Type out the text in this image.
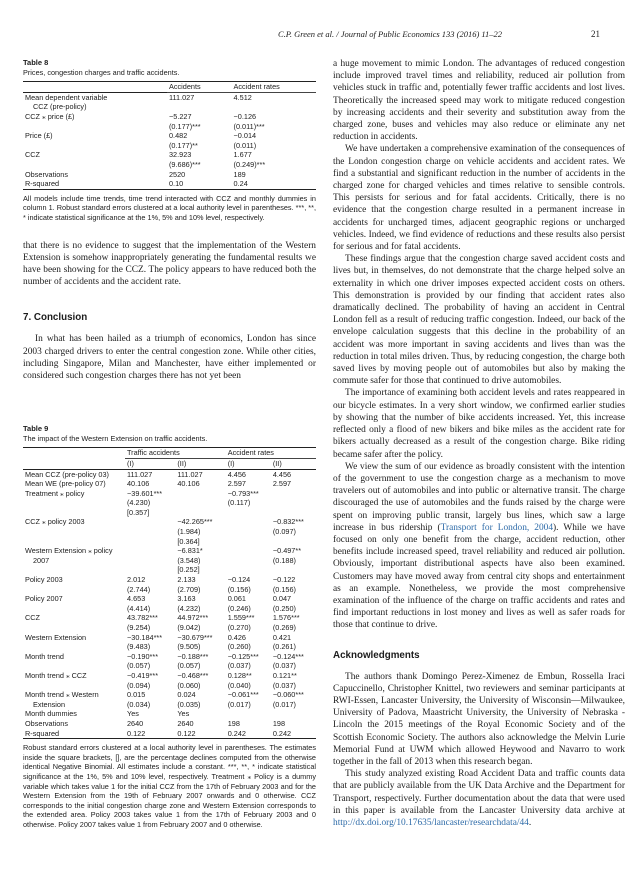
C.P. Green et al. / Journal of Public Economics 133 (2016) 11–22	21

Table 8

Prices, congestion charges and traffic accidents.

	Accidents	Accident rates
Mean dependent variable	111.027	4.512
CCZ (pre-policy)		
CCZ ⁎ price (£)	−5.227	−0.126
	(0.177)***	(0.011)***
Price (£)	0.482	−0.014
	(0.177)**	(0.011)
CCZ	32.923	1.677
	(9.686)***	(0.249)***
Observations	2520	189
R-squared	0.10	0.24
All models include time trends, time trend interacted with CCZ and monthly dummies in column 1. Robust standard errors clustered at a local authority level in parentheses. ***, **, * indicate statistical significance at the 1%, 5% and 10% level, respectively.

that there is no evidence to suggest that the implementation of the Western Extension is somehow inappropriately generating the fundamental results we have been showing for the CCZ. The policy appears to have reduced both the number of accidents and the accident rate.

7. Conclusion

In what has been hailed as a triumph of economics, London has since 2003 charged drivers to enter the central congestion zone. While other cities, including Singapore, Milan and Manchester, have either implemented or considered such congestion charges there has not yet been

Table 9

The impact of the Western Extension on traffic accidents.

	Traffic accidents		Accident rates	
	(I)	(II)	(I)	(II)
Mean CCZ (pre-policy 03)	111.027	111.027	4.456	4.456
Mean WE (pre-policy 07)	40.106	40.106	2.597	2.597
Treatment ⁎ policy	−39.601***		−0.793***	
	(4.230)		(0.117)	
	[0.357]			

CCZ ⁎ policy 2003		−42.265***		−0.832***
		(1.984)		(0.097)
		[0.364]		
Western Extension ⁎ policy		−6.831*		−0.497**
2007		(3.548)		(0.188)
		[0.252]		
Policy 2003	2.012	2.133	−0.124	−0.122
	(2.744)	(2.709)	(0.156)	(0.156)
Policy 2007	4.653	3.163	0.061	0.047
	(4.414)	(4.232)	(0.246)	(0.250)
CCZ	43.782***	44.972***	1.559***	1.576***
	(9.254)	(9.042)	(0.270)	(0.269)
Western Extension	−30.184***	−30.679***	0.426	0.421
	(9.483)	(9.505)	(0.260)	(0.261)
Month trend	−0.190***	−0.188***	−0.125***	−0.124***
	(0.057)	(0.057)	(0.037)	(0.037)
Month trend ⁎ CCZ	−0.419***	−0.468***	0.128**	0.121**
	(0.094)	(0.060)	(0.040)	(0.037)
Month trend ⁎ Western	0.015	0.024	−0.061***	−0.060***
Extension	(0.034)	(0.035)	(0.017)	(0.017)
Month dummies	Yes	Yes		
Observations	2640	2640	198	198
R-squared	0.122	0.122	0.242	0.242
Robust standard errors clustered at a local authority level in parentheses. The estimates inside the square brackets, [], are the percentage declines computed from the otherwise identical Negative Binomial. All estimates include a constant. ***, **, * indicate statistical significance at the 1%, 5% and 10% level, respectively. Treatment ⁎ Policy is a dummy variable which takes value 1 for the initial CCZ from the 17th of February 2003 and for the Western Extension from the 19th of February 2007 onwards and 0 otherwise. CCZ corresponds to the initial congestion charge zone and Western Extension corresponds to the extended area. Policy 2003 takes value 1 from the 17th of February 2003 and 0 otherwise. Policy 2007 takes value 1 from February 2007 and 0 otherwise.

a huge movement to mimic London. The advantages of reduced congestion include improved travel times and reliability, reduced air pollution from vehicles stuck in traffic and, potentially fewer traffic accidents and lost lives. Theoretically the increased speed may work to mitigate reduced congestion by increasing accidents and their severity and substitution away from the charged zone, buses and vehicles may also reduce or eliminate any net reduction in accidents.

We have undertaken a comprehensive examination of the consequences of the London congestion charge on vehicle accidents and accident rates. We find a substantial and significant reduction in the number of accidents in the charged zone for charged vehicles and times relative to sensible controls. This persists for serious and for fatal accidents. Critically, there is no evidence that the congestion charge resulted in a permanent increase in accidents for uncharged times, adjacent geographic regions or uncharged vehicles. Indeed, we find evidence of reductions and these results also persist for serious and for fatal accidents.

These findings argue that the congestion charge saved accident costs and lives but, in themselves, do not demonstrate that the charge helped solve an externality in which one driver imposes expected accident costs on others. This demonstration is provided by our finding that accident rates also dramatically declined. The probability of having an accident in Central London fell as a result of reducing traffic congestion. Indeed, our back of the envelope calculation suggests that this decline in the probability of an accident was more important in saving accidents and lives than was the reduction in total miles driven. Thus, by reducing congestion, the charge both saved lives by moving people out of automobiles but also by making the commute safer for those that continued to drive automobiles.

The importance of examining both accident levels and rates reappeared in our bicycle estimates. In a very short window, we confirmed earlier studies by showing that the number of bike accidents increased. Yet, this increase reflected only a flood of new bikers and bike miles as the accident rate for bikers actually decreased as a result of the congestion charge. Bike riding became safer after the policy.

We view the sum of our evidence as broadly consistent with the intention of the government to use the congestion charge as a mechanism to move travelers out of automobiles and into public or alternative transit. The charge discouraged the use of automobiles and the funds raised by the charge were spent on improving public transit, largely bus lines, which saw a large increase in bus ridership (Transport for London, 2004). While we have focused on only one benefit from the charge, accident reduction, other benefits include increased speed, travel reliability and reduced air pollution. Obviously, important distributional aspects have also been examined. Customers may have moved away from central city shops and entertainment as an example. Nonetheless, we provide the most comprehensive examination of the influence of the charge on traffic accidents and rates and find important reductions in lost money and lives as well as safer roads for those that continue to drive.

Acknowledgments

The authors thank Domingo Perez-Ximenez de Embun, Rossella Iraci Capuccinello, Christopher Knittel, two reviewers and seminar participants at RWI-Essen, Lancaster University, the University of Wisconsin—Milwaukee, University of Padova, Maastricht University, the University of Nebraska - Lincoln the 2015 meetings of the Royal Economic Society and of the Scottish Economic Society. The authors also acknowledge the Melvin Lurie Memorial Fund at UWM which allowed Heywood and Navarro to work together in the fall of 2013 when this research began.

This study analyzed existing Road Accident Data and traffic counts data that are publicly available from the UK Data Archive and the Department for Transport, respectively. Further documentation about the data that were used in this paper is available from the Lancaster University data archive at http://dx.doi.org/10.17635/lancaster/researchdata/44.
